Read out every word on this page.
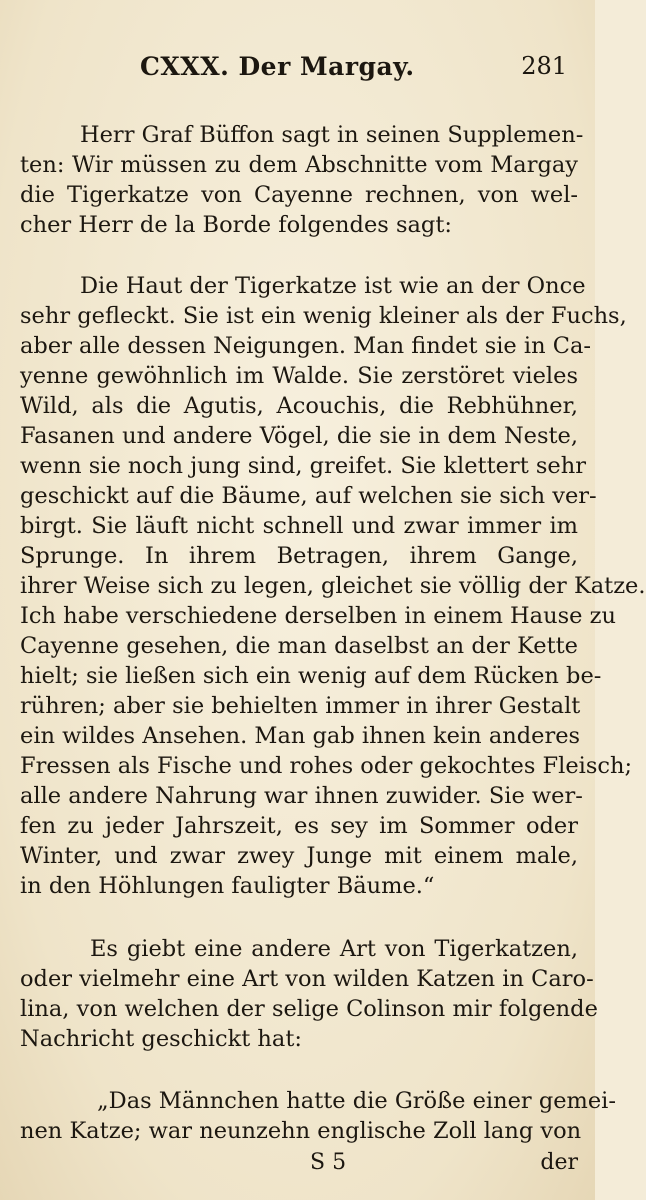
CXXX. Der Margay.	281
Herr Graf Büffon sagt in seinen Supplemen-
ten: Wir müssen zu dem Abschnitte vom Margay
die Tigerkatze von Cayenne rechnen, von wel-
cher Herr de la Borde folgendes sagt:
Die Haut der Tigerkatze ist wie an der Once
sehr gefleckt. Sie ist ein wenig kleiner als der Fuchs,
aber alle dessen Neigungen. Man findet sie in Ca-
yenne gewöhnlich im Walde. Sie zerstöret vieles
Wild, als die Agutis, Acouchis, die Rebhühner,
Fasanen und andere Vögel, die sie in dem Neste,
wenn sie noch jung sind, greifet. Sie klettert sehr
geschickt auf die Bäume, auf welchen sie sich ver-
birgt. Sie läuft nicht schnell und zwar immer im
Sprunge. In ihrem Betragen, ihrem Gange,
ihrer Weise sich zu legen, gleichet sie völlig der Katze.
Ich habe verschiedene derselben in einem Hause zu
Cayenne gesehen, die man daselbst an der Kette
hielt; sie ließen sich ein wenig auf dem Rücken be-
rühren; aber sie behielten immer in ihrer Gestalt
ein wildes Ansehen. Man gab ihnen kein anderes
Fressen als Fische und rohes oder gekochtes Fleisch;
alle andere Nahrung war ihnen zuwider. Sie wer-
fen zu jeder Jahrszeit, es sey im Sommer oder
Winter, und zwar zwey Junge mit einem male,
in den Höhlungen fauligter Bäume.“
Es giebt eine andere Art von Tigerkatzen,
oder vielmehr eine Art von wilden Katzen in Caro-
lina, von welchen der selige Colinson mir folgende
Nachricht geschickt hat:
„Das Männchen hatte die Größe einer gemei-
nen Katze; war neunzehn englische Zoll lang von
S 5	der
